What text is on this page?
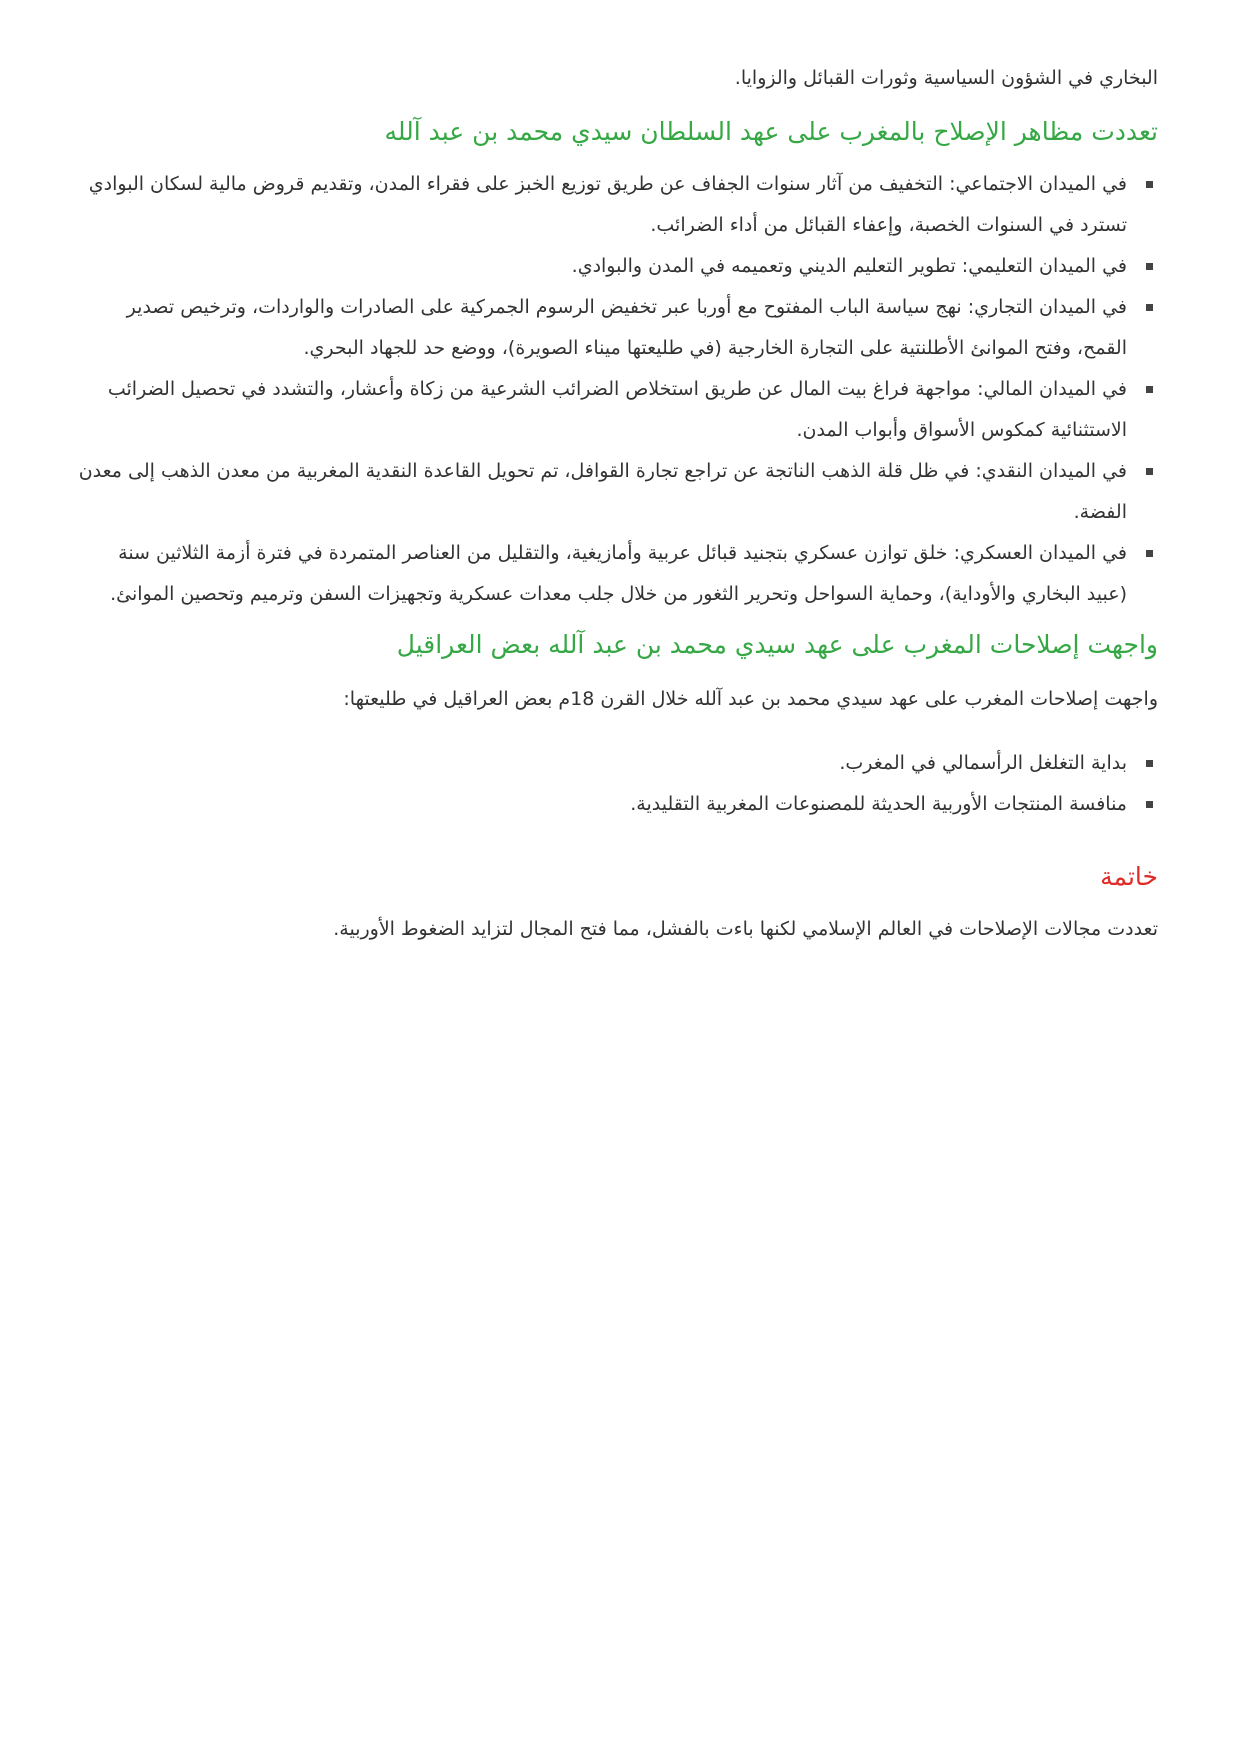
البخاري في الشؤون السياسية وثورات القبائل والزوايا.

تعددت مظاهر الإصلاح بالمغرب على عهد السلطان سيدي محمد بن عبد آلله
في الميدان الاجتماعي: التخفيف من آثار سنوات الجفاف عن طريق توزيع الخبز على فقراء المدن، وتقديم قروض مالية لسكان البوادي تسترد في السنوات الخصبة، وإعفاء القبائل من أداء الضرائب.
في الميدان التعليمي: تطوير التعليم الديني وتعميمه في المدن والبوادي.
في الميدان التجاري: نهج سياسة الباب المفتوح مع أوربا عبر تخفيض الرسوم الجمركية على الصادرات والواردات، وترخيص تصدير القمح، وفتح الموانئ الأطلنتية على التجارة الخارجية (في طليعتها ميناء الصويرة)، ووضع حد للجهاد البحري.
في الميدان المالي: مواجهة فراغ بيت المال عن طريق استخلاص الضرائب الشرعية من زكاة وأعشار، والتشدد في تحصيل الضرائب الاستثنائية كمكوس الأسواق وأبواب المدن.
في الميدان النقدي: في ظل قلة الذهب الناتجة عن تراجع تجارة القوافل، تم تحويل القاعدة النقدية المغربية من معدن الذهب إلى معدن الفضة.
في الميدان العسكري: خلق توازن عسكري بتجنيد قبائل عربية وأمازيغية، والتقليل من العناصر المتمردة في فترة أزمة الثلاثين سنة (عبيد البخاري والأوداية)، وحماية السواحل وتحرير الثغور من خلال جلب معدات عسكرية وتجهيزات السفن وترميم وتحصين الموانئ.
واجهت إصلاحات المغرب على عهد سيدي محمد بن عبد آلله بعض العراقيل

واجهت إصلاحات المغرب على عهد سيدي محمد بن عبد آلله خلال القرن 18م بعض العراقيل في طليعتها:

بداية التغلغل الرأسمالي في المغرب.
منافسة المنتجات الأوربية الحديثة للمصنوعات المغربية التقليدية.
خاتمة

تعددت مجالات الإصلاحات في العالم الإسلامي لكنها باءت بالفشل، مما فتح المجال لتزايد الضغوط الأوربية.
